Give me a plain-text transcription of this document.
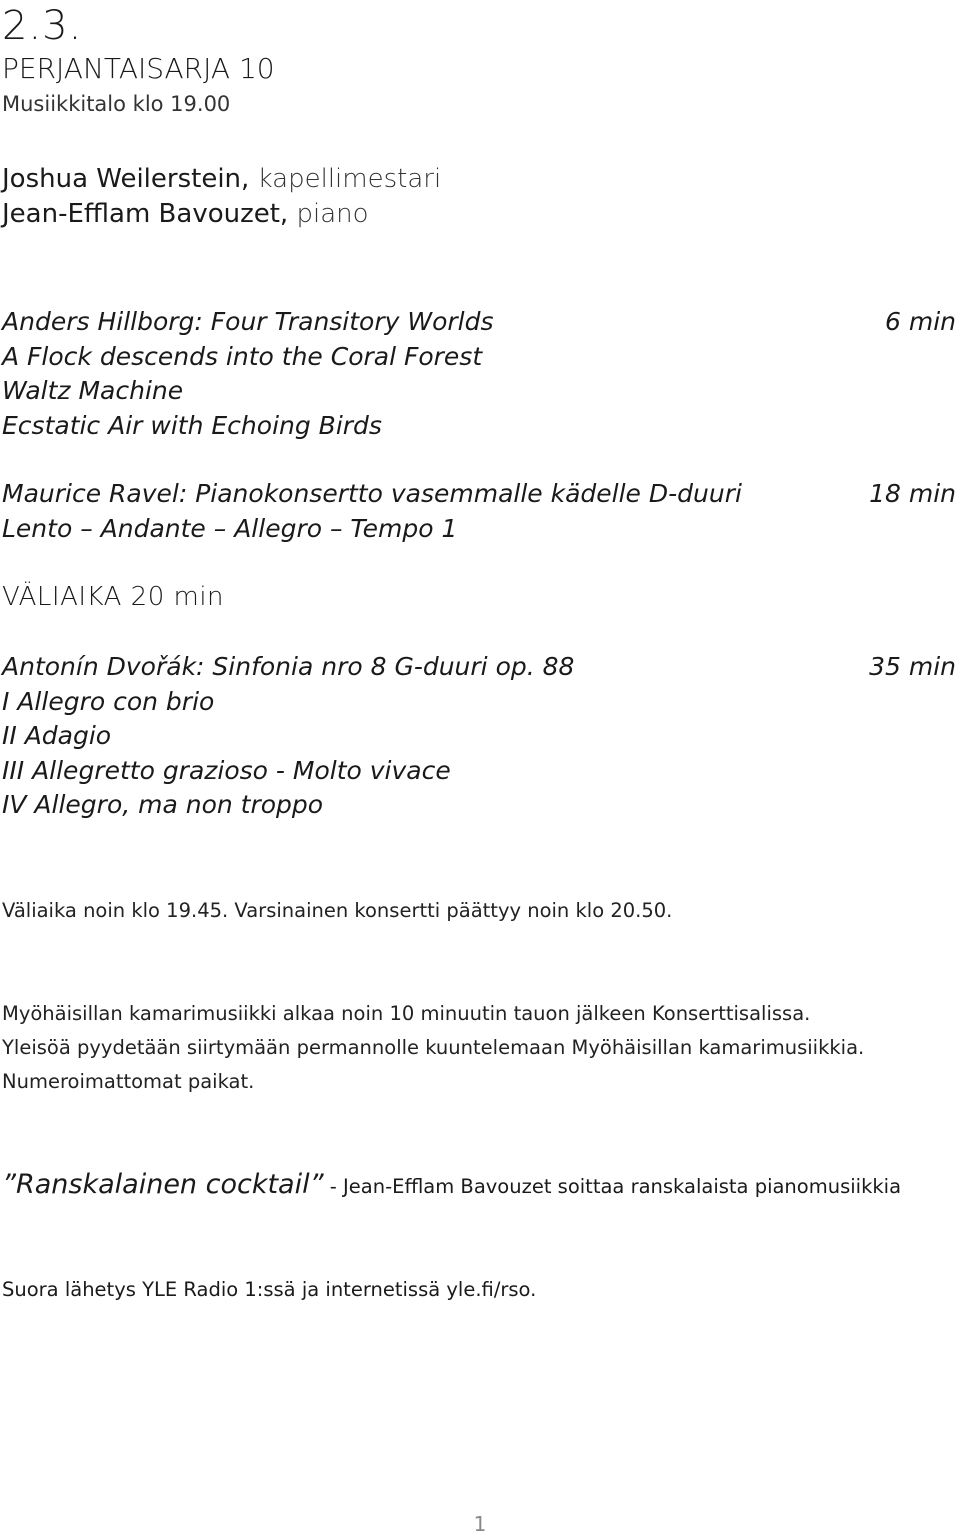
2.3.
PERJANTAISARJA 10
Musiikkitalo klo 19.00
Joshua Weilerstein, kapellimestari
Jean-Efflam Bavouzet, piano
Anders Hillborg: Four Transitory Worlds	6 min
A Flock descends into the Coral Forest
Waltz Machine
Ecstatic Air with Echoing Birds
Maurice Ravel: Pianokonsertto vasemmalle kädelle D-duuri	18 min
Lento – Andante – Allegro – Tempo 1
VÄLIAIKA 20 min
Antonín Dvořák: Sinfonia nro 8 G-duuri op. 88	35 min
I Allegro con brio
II Adagio
III Allegretto grazioso - Molto vivace
IV Allegro, ma non troppo
Väliaika noin klo 19.45. Varsinainen konsertti päättyy noin klo 20.50.
Myöhäisillan kamarimusiikki alkaa noin 10 minuutin tauon jälkeen Konserttisalissa.
Yleisöä pyydetään siirtymään permannolle kuuntelemaan Myöhäisillan kamarimusiikkia.
Numeroimattomat paikat.
”Ranskalainen cocktail” - Jean-Efflam Bavouzet soittaa ranskalaista pianomusiikkia
Suora lähetys YLE Radio 1:ssä ja internetissä yle.fi/rso.
1
